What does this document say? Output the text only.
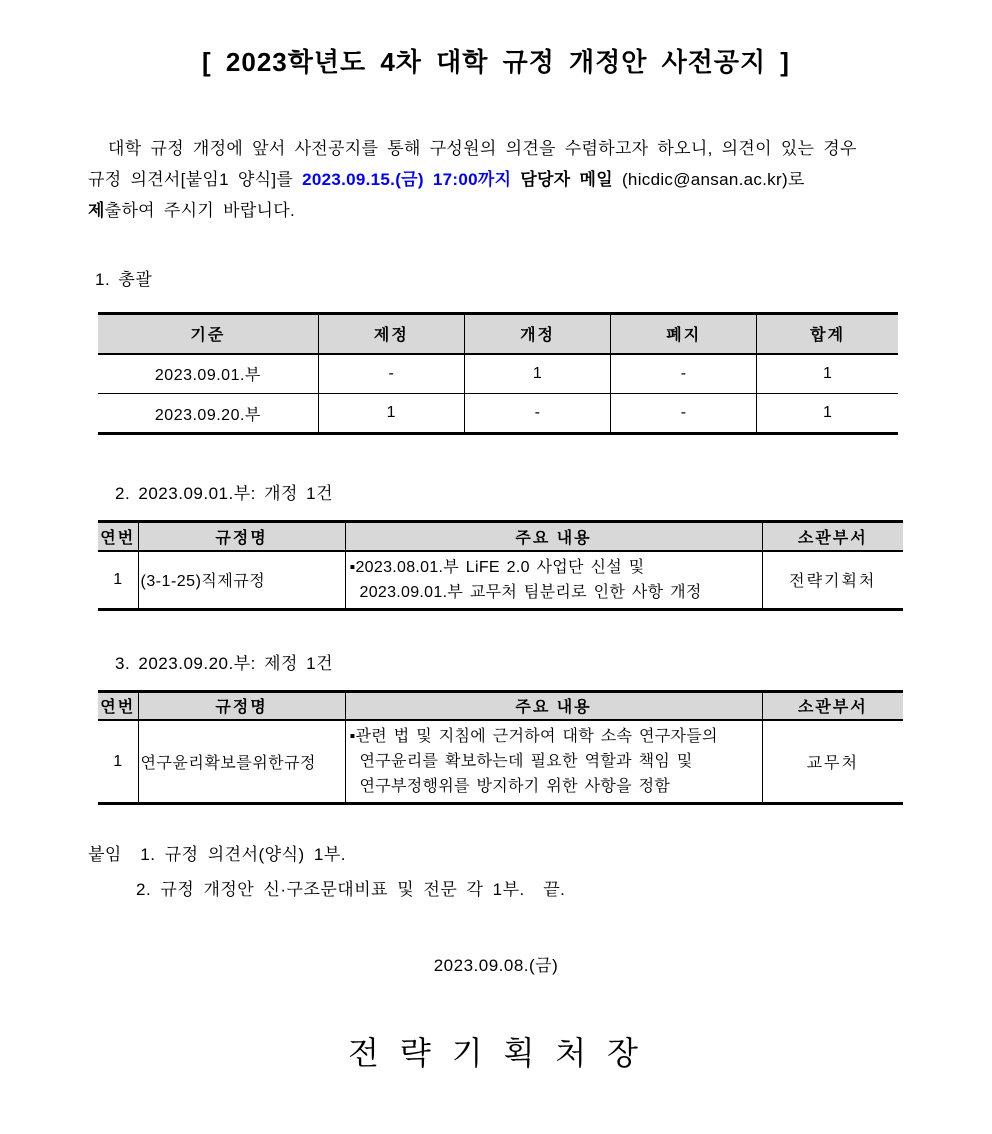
[ 2023학년도 4차 대학 규정 개정안 사전공지 ]
대학 규정 개정에 앞서 사전공지를 통해 구성원의 의견을 수렴하고자 하오니, 의견이 있는 경우
규정 의견서[붙임1 양식]를 2023.09.15.(금) 17:00까지 담당자 메일 (hicdic@ansan.ac.kr)로
제출하여 주시기 바랍니다.
1. 총괄
기준	제정	개정	폐지	합계
2023.09.01.부	-	1	-	1
2023.09.20.부	1	-	-	1
2. 2023.09.01.부: 개정 1건
연번	규정명	주요 내용	소관부서
1	(3-1-25)직제규정	▪2023.08.01.부 LiFE 2.0 사업단 신설 및
2023.09.01.부 교무처 팀분리로 인한 사항 개정	전략기획처
3. 2023.09.20.부: 제정 1건
연번	규정명	주요 내용	소관부서
1	연구윤리확보를위한규정	▪관련 법 및 지침에 근거하여 대학 소속 연구자들의
연구윤리를 확보하는데 필요한 역할과 책임 및
연구부정행위를 방지하기 위한 사항을 정함	교무처
붙임  1. 규정 의견서(양식) 1부.
2. 규정 개정안 신·구조문대비표 및 전문 각 1부.  끝.
2023.09.08.(금)
전 략 기 획 처 장
